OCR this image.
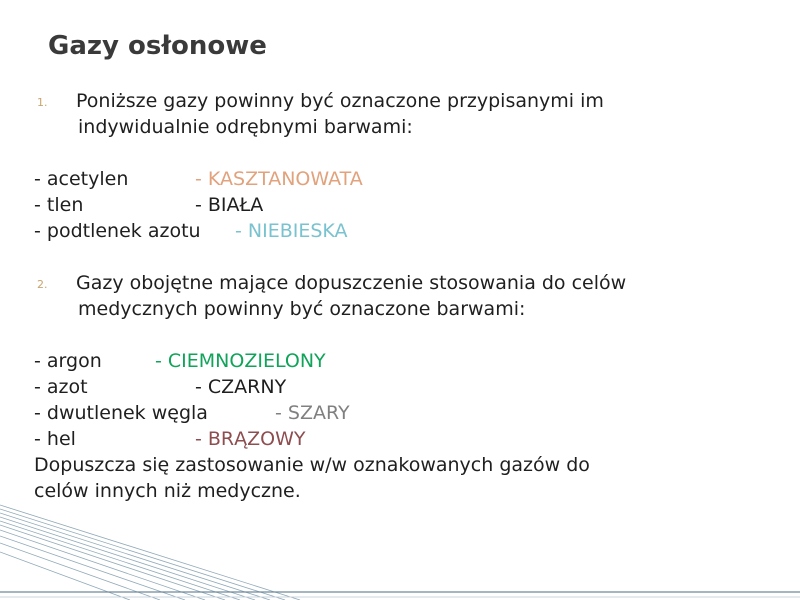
Gazy osłonowe
1. Poniższe gazy powinny być oznaczone przypisanymi im
indywidualnie odrębnymi barwami:
- acetylen	- KASZTANOWATA
- tlen	- BIAŁA
- podtlenek azotu - NIEBIESKA
2. Gazy obojętne mające dopuszczenie stosowania do celów
medycznych powinny być oznaczone barwami:
- argon	- CIEMNOZIELONY
- azot	- CZARNY
- dwutlenek węgla	- SZARY
- hel	- BRĄZOWY
Dopuszcza się zastosowanie w/w oznakowanych gazów do
celów innych niż medyczne.
